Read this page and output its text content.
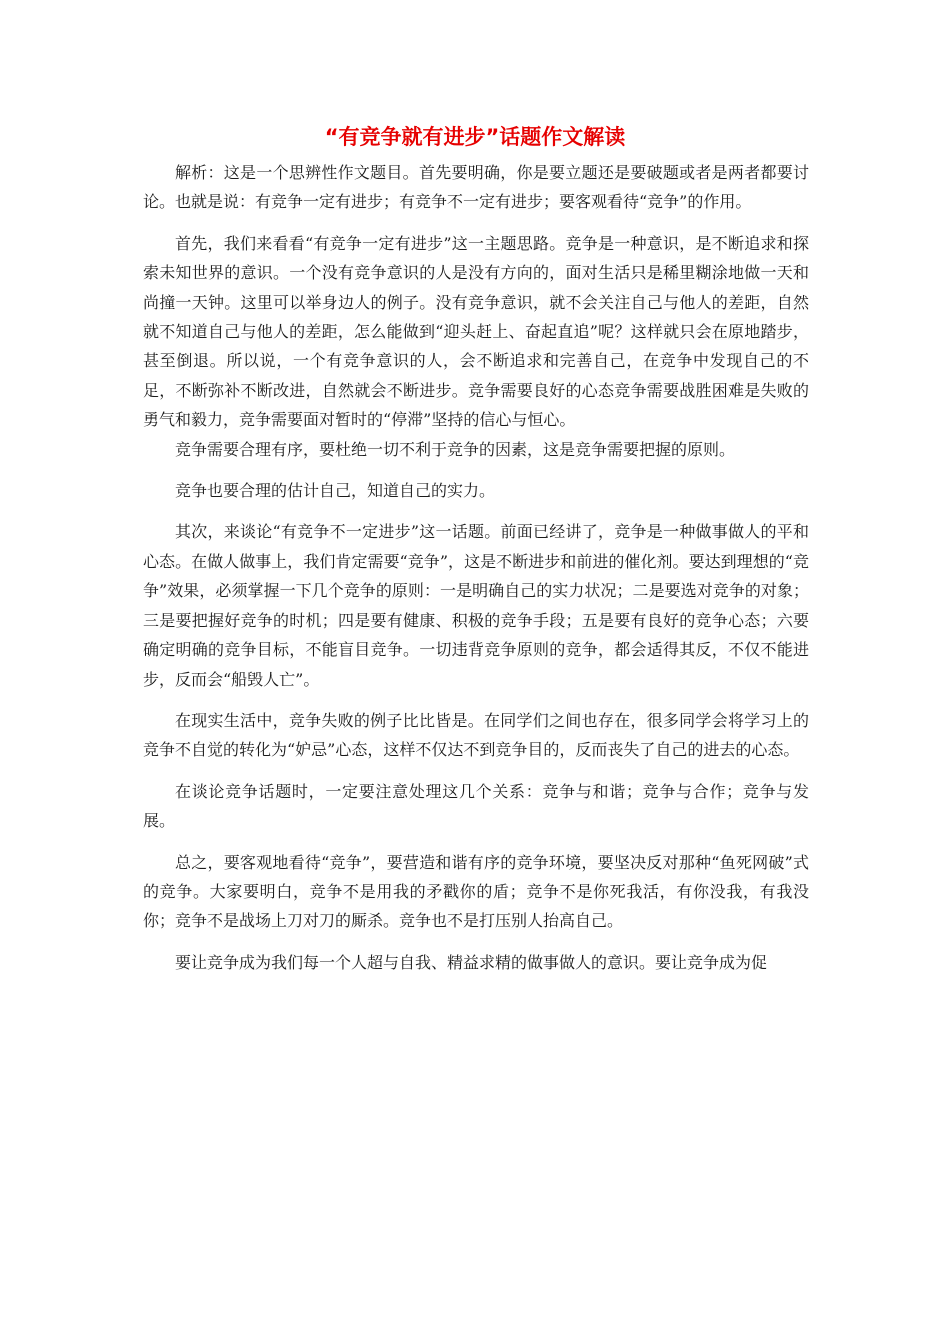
“有竞争就有进步”话题作文解读

解析：这是一个思辨性作文题目。首先要明确，你是要立题还是要破题或者是两者都要讨论。也就是说：有竞争一定有进步；有竞争不一定有进步；要客观看待“竞争”的作用。

首先，我们来看看“有竞争一定有进步”这一主题思路。竞争是一种意识，是不断追求和探索未知世界的意识。一个没有竞争意识的人是没有方向的，面对生活只是稀里糊涂地做一天和尚撞一天钟。这里可以举身边人的例子。没有竞争意识，就不会关注自己与他人的差距，自然就不知道自己与他人的差距，怎么能做到“迎头赶上、奋起直追”呢？这样就只会在原地踏步，甚至倒退。所以说，一个有竞争意识的人，会不断追求和完善自己，在竞争中发现自己的不足，不断弥补不断改进，自然就会不断进步。竞争需要良好的心态竞争需要战胜困难是失败的勇气和毅力，竞争需要面对暂时的“停滞”坚持的信心与恒心。

竞争需要合理有序，要杜绝一切不利于竞争的因素，这是竞争需要把握的原则。

竞争也要合理的估计自己，知道自己的实力。

其次，来谈论“有竞争不一定进步”这一话题。前面已经讲了，竞争是一种做事做人的平和心态。在做人做事上，我们肯定需要“竞争”，这是不断进步和前进的催化剂。要达到理想的“竞争”效果，必须掌握一下几个竞争的原则：一是明确自己的实力状况；二是要选对竞争的对象；三是要把握好竞争的时机；四是要有健康、积极的竞争手段；五是要有良好的竞争心态；六要确定明确的竞争目标，不能盲目竞争。一切违背竞争原则的竞争，都会适得其反，不仅不能进步，反而会“船毁人亡”。

在现实生活中，竞争失败的例子比比皆是。在同学们之间也存在，很多同学会将学习上的竞争不自觉的转化为“妒忌”心态，这样不仅达不到竞争目的，反而丧失了自己的进去的心态。

在谈论竞争话题时，一定要注意处理这几个关系：竞争与和谐；竞争与合作；竞争与发展。

总之，要客观地看待“竞争”，要营造和谐有序的竞争环境，要坚决反对那种“鱼死网破”式的竞争。大家要明白，竞争不是用我的矛戳你的盾；竞争不是你死我活，有你没我，有我没你；竞争不是战场上刀对刀的厮杀。竞争也不是打压别人抬高自己。

要让竞争成为我们每一个人超与自我、精益求精的做事做人的意识。要让竞争成为促
